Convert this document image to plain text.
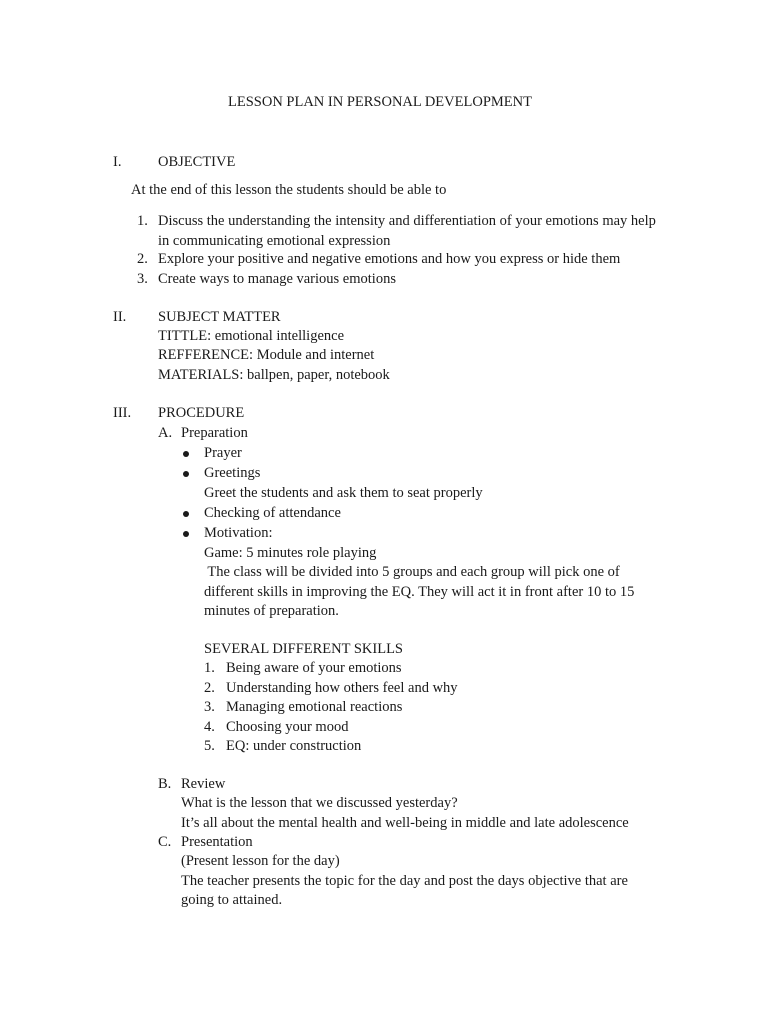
LESSON PLAN IN PERSONAL DEVELOPMENT
I.	OBJECTIVE
At the end of this lesson the students should be able to
1. Discuss the understanding the intensity and differentiation of your emotions may help
in communicating emotional expression
2. Explore your positive and negative emotions and how you express or hide them
3. Create ways to manage various emotions
II. SUBJECT MATTER
TITTLE: emotional intelligence
REFFERENCE: Module and internet
MATERIALS: ballpen, paper, notebook
III. PROCEDURE
A. Preparation
Prayer
Greetings
Greet the students and ask them to seat properly
Checking of attendance
Motivation:
Game: 5 minutes role playing
The class will be divided into 5 groups and each group will pick one of
different skills in improving the EQ. They will act it in front after 10 to 15
minutes of preparation.
SEVERAL DIFFERENT SKILLS
1. Being aware of your emotions
2. Understanding how others feel and why
3. Managing emotional reactions
4. Choosing your mood
5. EQ: under construction
B. Review
What is the lesson that we discussed yesterday?
It’s all about the mental health and well-being in middle and late adolescence
C. Presentation
(Present lesson for the day)
The teacher presents the topic for the day and post the days objective that are
going to attained.
